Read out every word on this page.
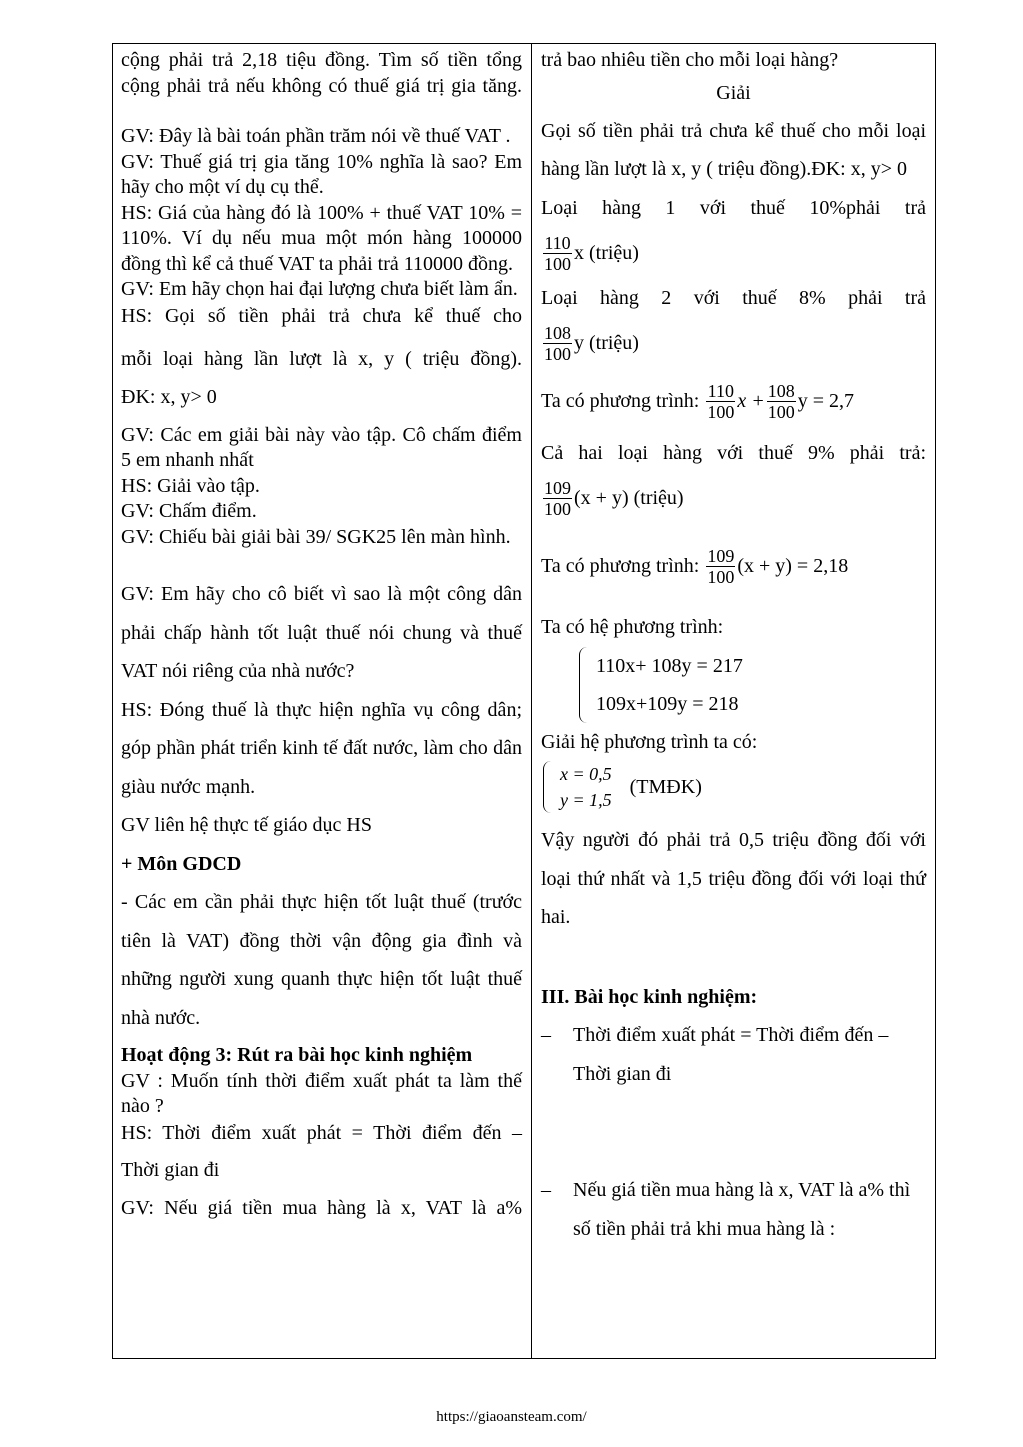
cộng phải trả 2,18 tiệu đồng. Tìm số tiền tổng cộng phải trả nếu không có thuế giá trị gia tăng.
GV: Đây là bài toán phần trăm nói về thuế VAT .
GV: Thuế giá trị gia tăng 10% nghĩa là sao? Em hãy cho một ví dụ cụ thể.
HS: Giá của hàng đó là 100% + thuế VAT 10% = 110%. Ví dụ nếu mua một món hàng 100000 đồng thì kể cả thuế VAT ta phải trả 110000 đồng.
GV: Em hãy chọn hai đại lượng chưa biết làm ẩn.
HS: Gọi số tiền phải trả chưa kể thuế cho
mỗi loại hàng lần lượt là x, y ( triệu đồng).
ĐK: x, y> 0
GV: Các em giải bài này vào tập. Cô chấm điểm 5 em nhanh nhất
HS: Giải vào tập.
GV: Chấm điểm.
GV: Chiếu bài giải bài 39/ SGK25 lên màn hình.
GV: Em hãy cho cô biết vì sao là một công dân phải chấp hành tốt luật thuế nói chung và thuế VAT nói riêng của nhà nước?
HS: Đóng thuế là thực hiện nghĩa vụ công dân; góp phần phát triển kinh tế đất nước, làm cho dân giàu nước mạnh.
GV liên hệ thực tế giáo dục HS
+ Môn GDCD
- Các em cần phải thực hiện tốt luật thuế (trước tiên là VAT) đồng thời vận động gia đình và những người xung quanh thực hiện tốt luật thuế nhà nước.
Hoạt động 3: Rút ra bài học kinh nghiệm
GV : Muốn tính thời điểm xuất phát ta làm thế nào ?
HS: Thời điểm xuất phát = Thời điểm đến –
Thời gian đi
GV: Nếu giá tiền mua hàng là x, VAT là a%
trả bao nhiêu tiền cho mỗi loại hàng?
Giải
Gọi số tiền phải trả chưa kể thuế cho mỗi loại hàng lần lượt là x, y ( triệu đồng).ĐK: x, y> 0
Loại hàng 1 với thuế 10%phải trả
$\frac{110}{100}$ x (triệu)
Loại hàng 2 với thuế 8% phải trả
$\frac{108}{100}$ y (triệu)
Ta có phương trình:
$\frac{110}{100}$ $x + \frac{108}{100}$ y = 2,7
Cả hai loại hàng với thuế 9% phải trả:
$\frac{109}{100} (x + y)$ (triệu)
Ta có phương trình:
$\frac{109}{100} (x + y) = 2,18$
Ta có hệ phương trình:
110x+ 108y = 217
109x+109y = 218
Giải hệ phương trình ta có:
x = 0,5
y = 1,5
(TMĐK)
Vậy người đó phải trả 0,5 triệu đồng đối với loại thứ nhất và 1,5 triệu đồng đối với loại thứ hai.
III. Bài học kinh nghiệm:
–	Thời điểm xuất phát = Thời điểm đến – Thời gian đi
–	Nếu giá tiền mua hàng là x, VAT là a% thì số tiền phải trả khi mua hàng là :
https://giaoansteam.com/
